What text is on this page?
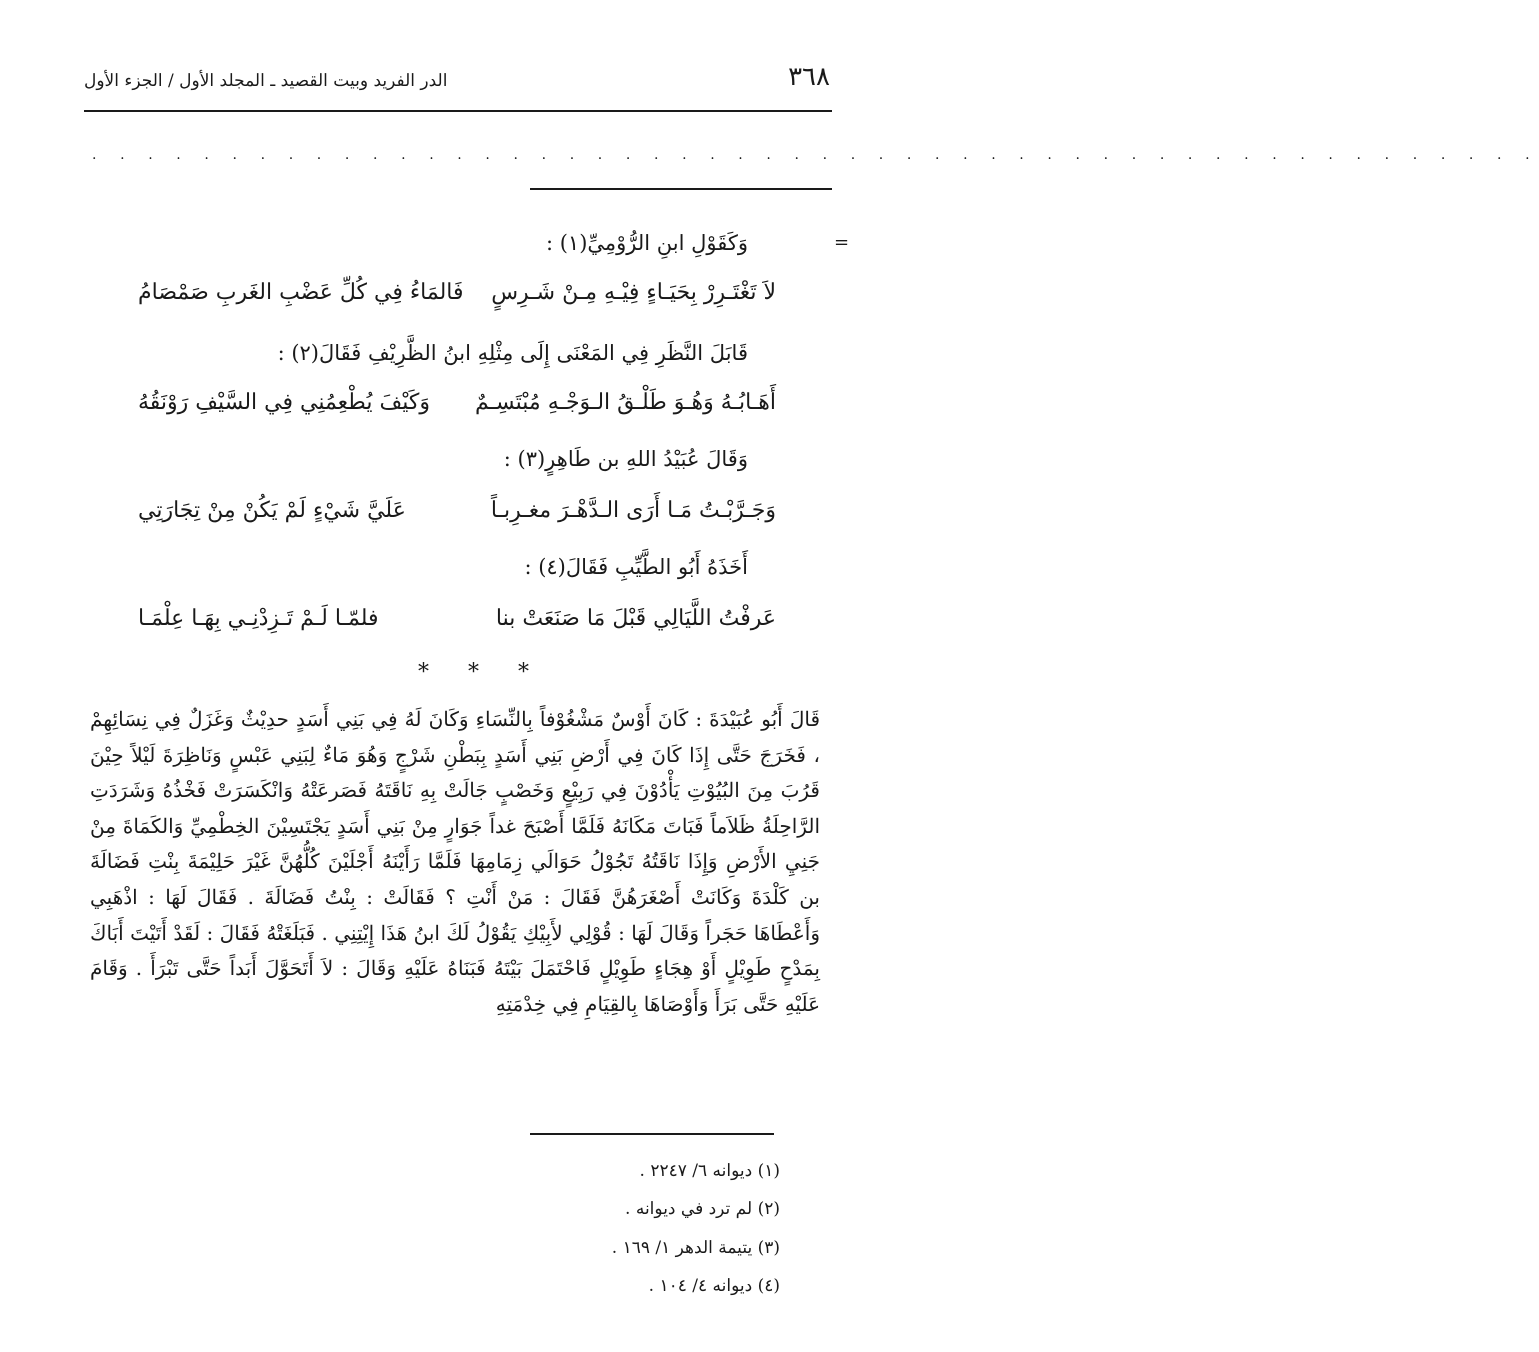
٣٦٨
الدر الفريد وبيت القصيد ـ المجلد الأول / الجزء الأول
. . . . . . . . . . . . . . . . . . . . . . . . . . . . . . . . . . . . . . . . . . . . . . . . . . . .
=
وَكَقَوْلِ ابنِ الرُّوْمِيِّ(١) :
لاَ تَغْتَـرِرْ بِحَيَـاءٍ فِيْـهِ مِـنْ شَـرِسٍ
فَالمَاءُ فِي كُلِّ عَضْبِ الغَربِ صَمْصَامُ
قَابَلَ النَّظَرِ فِي المَعْنَى إِلَى مِثْلِهِ ابنُ الظَّرِيْفِ فَقَالَ(٢) :
أَهَـابُـهُ وَهُـوَ طَلْـقُ الـوَجْـهِ مُبْتَسِـمٌ
وَكَيْفَ يُطْعِمُنِي فِي السَّيْفِ رَوْنَقُهُ
وَقَالَ عُبَيْدُ اللهِ بن طَاهِرٍ(٣) :
وَجَـرَّبْـتُ مَـا أَرَى الـدَّهْـرَ مغـرِبـاً
عَلَيَّ شَيْءٍ لَمْ يَكُنْ مِنْ تِجَارَتِي
أَخَذَهُ أَبُو الطَّيِّبِ فَقَالَ(٤) :
عَرفْتُ اللَّيَالِي قَبْلَ مَا صَنَعَتْ بنا
فلمّـا لَـمْ تَـزِدْنِـي بِهَـا عِلْمَـا
* * *
قَالَ أَبُو عُبَيْدَةَ : كَانَ أَوْسٌ مَشْغُوْفاً بِالنِّسَاءِ وَكَانَ لَهُ فِي بَنِي أَسَدٍ حدِيْثٌ وَغَزَلٌ فِي نِسَائِهِمْ ، فَخَرَجَ حَتَّى إِذَا كَانَ فِي أَرْضِ بَنِي أَسَدٍ بِبَطْنِ شَرْجٍ وَهُوَ مَاءٌ لِبَنِي عَبْسٍ وَنَاظِرَةَ لَيْلاً حِيْنَ قَرُبَ مِنَ البُيُوْتِ يَأْدُوْنَ فِي رَبِيْعٍ وَخَصْبٍ جَالَتْ بِهِ نَاقَتَهُ فَصَرعَتْهُ وَانْكَسَرَتْ فَخْذُهُ وَشَرَدَتِ الرَّاحِلَةُ ظَلاَماً فَبَاتَ مَكَانَهُ فَلَمَّا أَصْبَحَ غداً جَوَارٍ مِنْ بَنِي أَسَدٍ يَجْتَسِيْنَ الخِطْمِيِّ وَالكَمَاةَ مِنْ جَنِيِ الأَرْضِ وَإِذَا نَاقَتُهُ تَجُوْلُ حَوَالَي زِمَامِهَا فَلَمَّا رَأَيْنَهُ أَجْلَيْنَ كُلُّهُنَّ غَيْرَ حَلِيْمَةَ بِنْتِ فَضَالَةَ بن كَلْدَةَ وَكَانَتْ أَصْغَرَهُنَّ فَقَالَ : مَنْ أَنْتِ ؟ فَقَالَتْ : بِنْتُ فَضَالَةَ . فَقَالَ لَهَا : اذْهَبِي وَأَعْطَاهَا حَجَراً وَقَالَ لَهَا : قُوْلِي لأَبِيْكِ يَقُوْلُ لَكَ ابنُ هَذَا إِيْتِنِي . فَبَلَغَتْهُ فَقَالَ : لَقَدْ أَتَيْتَ أَبَاكَ بِمَدْحٍ طَوِيْلٍ أَوْ هِجَاءٍ طَوِيْلٍ فَاحْتَمَلَ بَيْتَهُ فَبَنَاهُ عَلَيْهِ وَقَالَ : لاَ أَتَحَوَّلَ أَبَداً حَتَّى تَبْرَأَ . وَقَامَ عَلَيْهِ حَتَّى بَرَأَ وَأَوْصَاهَا بِالقِيَامِ فِي خِدْمَتِهِ
(١) ديوانه ٦/ ٢٢٤٧ .
(٢) لم ترد في ديوانه .
(٣) يتيمة الدهر ١/ ١٦٩ .
(٤) ديوانه ٤/ ١٠٤ .
